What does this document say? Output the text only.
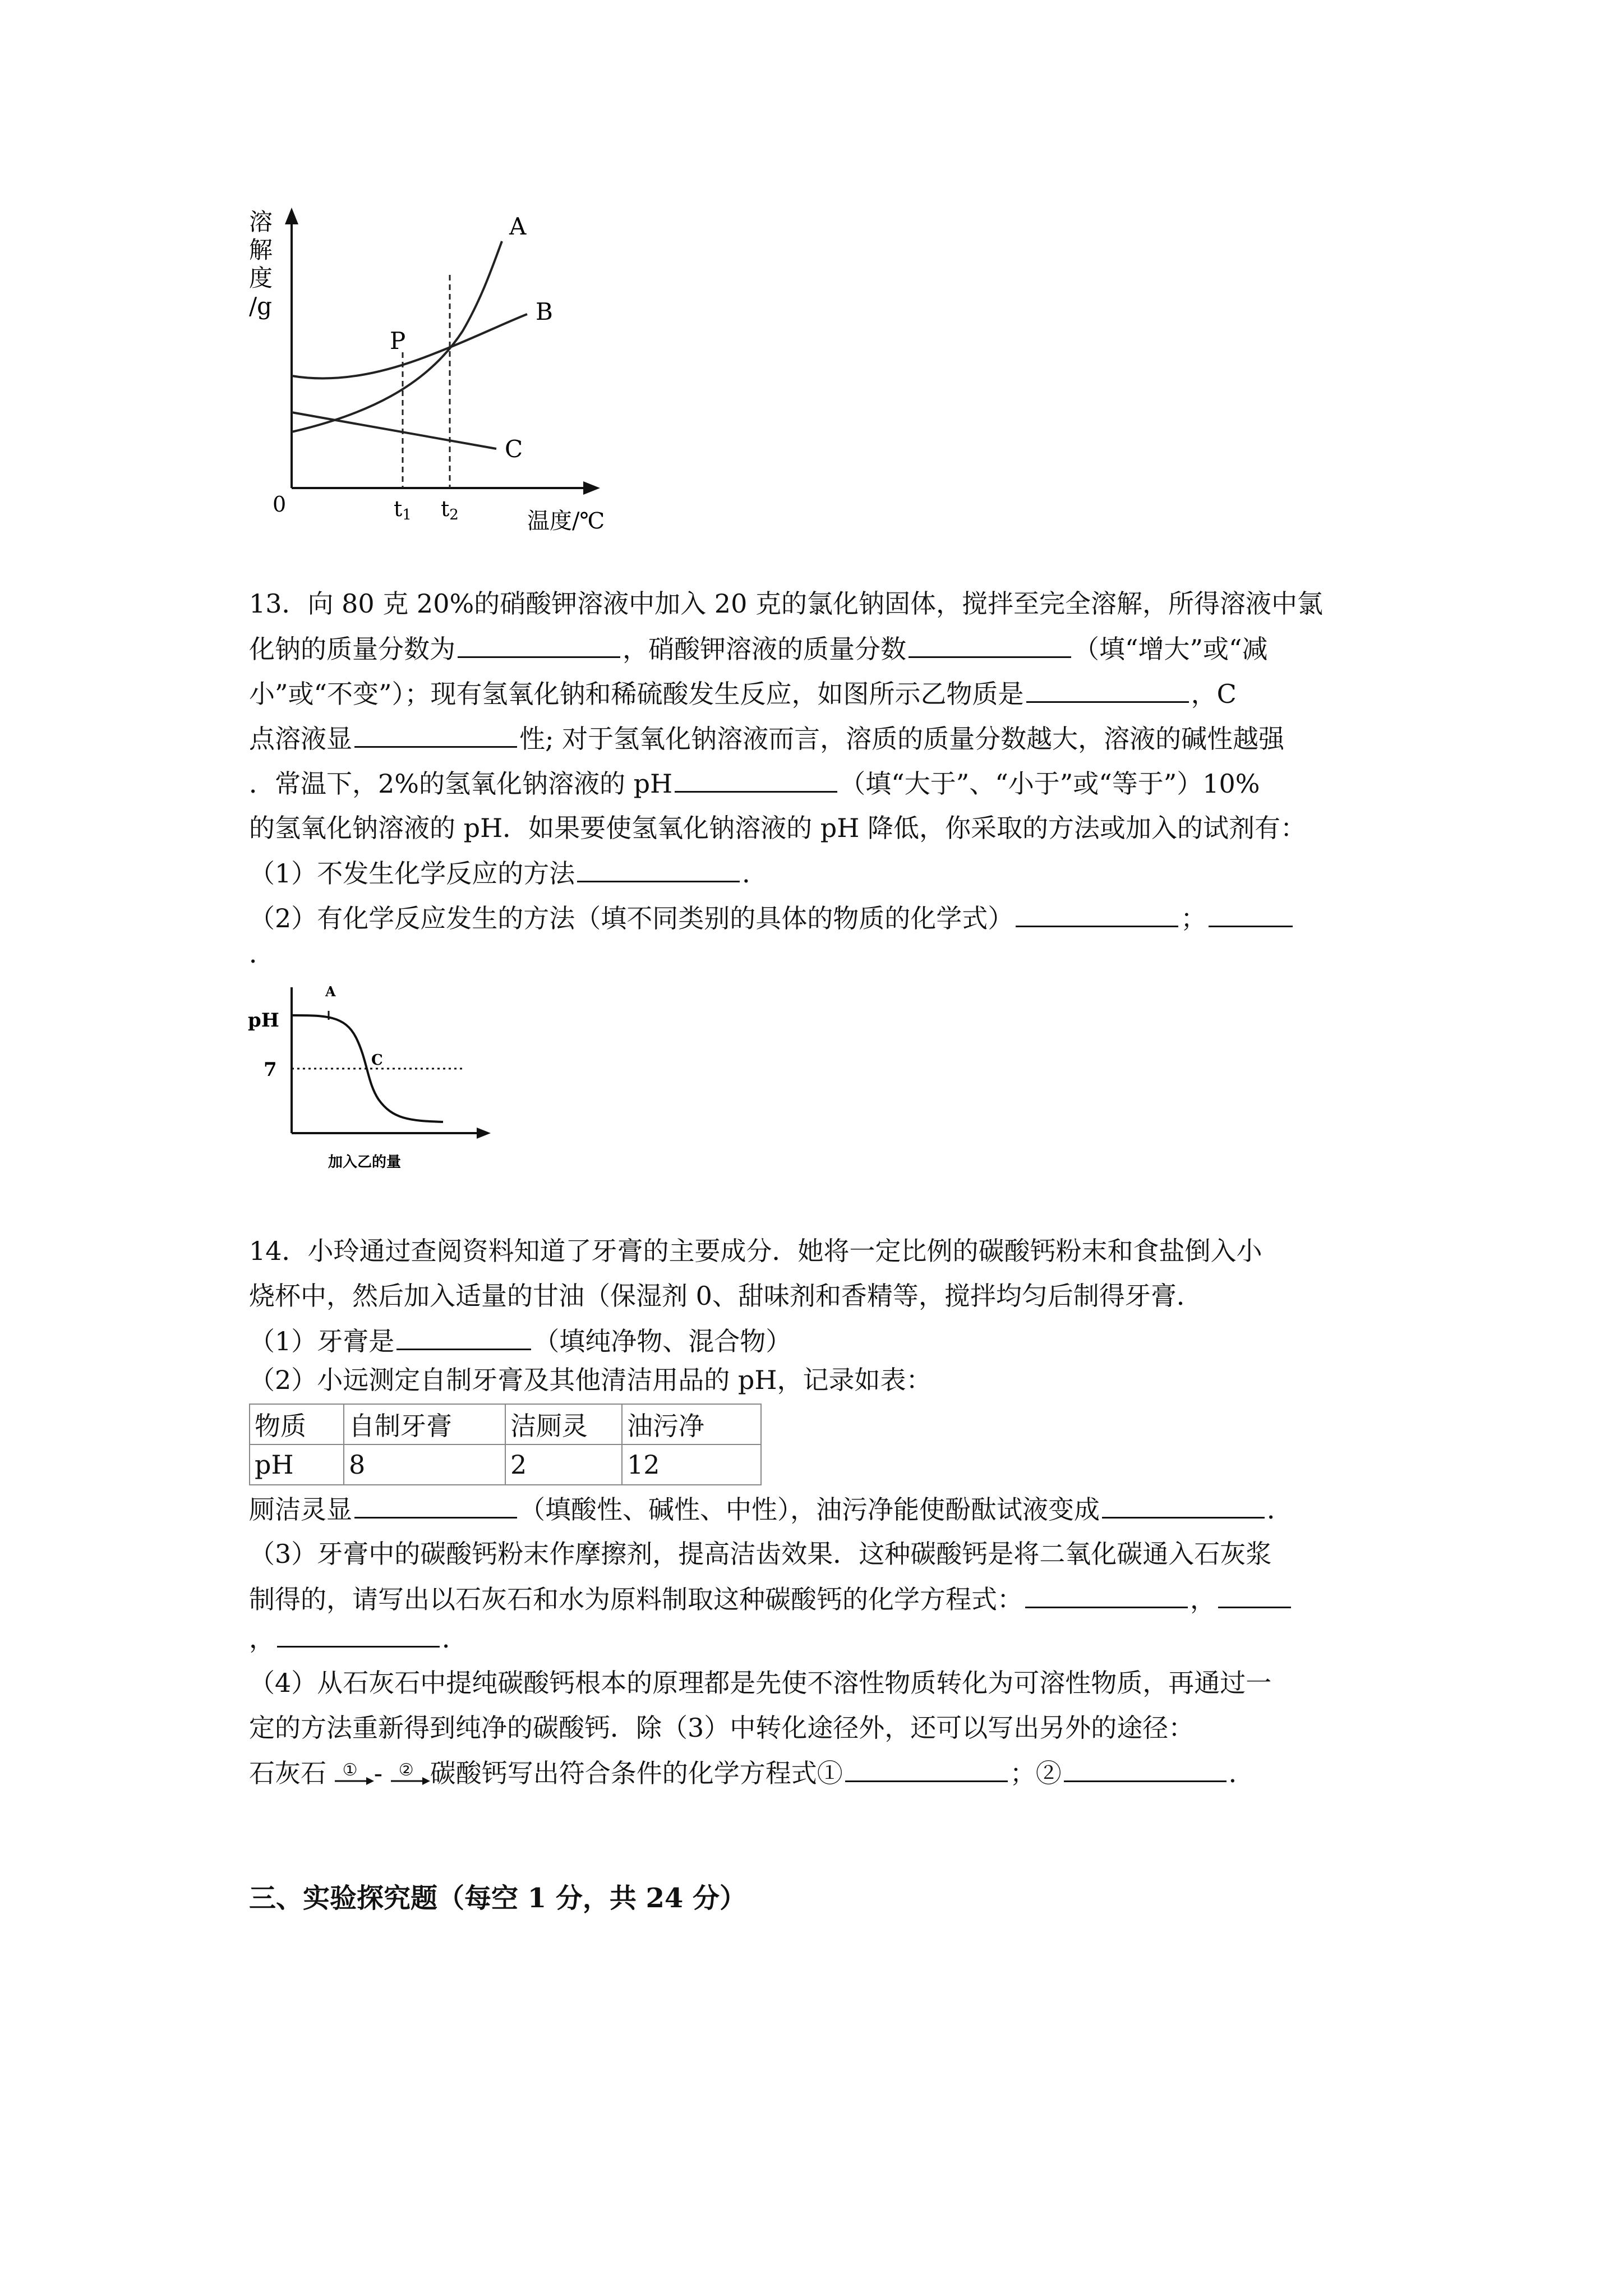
溶
解
度
/g
0
温度/℃
A
B
C
P
t1 t2
13．向 80 克 20%的硝酸钾溶液中加入 20 克的氯化钠固体，搅拌至完全溶解，所得溶液中氯
化钠的质量分数为	，硝酸钾溶液的质量分数	（填“增大”或“减
小”或“不变”）；现有氢氧化钠和稀硫酸发生反应，如图所示乙物质是	，C
点溶液显	性; 对于氢氧化钠溶液而言，溶质的质量分数越大，溶液的碱性越强
．常温下，2%的氢氧化钠溶液的 pH	（填“大于”、“小于”或“等于”）10%
的氢氧化钠溶液的 pH．如果要使氢氧化钠溶液的 pH 降低，你采取的方法或加入的试剂有：
（1）不发生化学反应的方法	．
（2）有化学反应发生的方法（填不同类别的具体的物质的化学式）	；
．
pH
7
A
C
加入乙的量
14．小玲通过查阅资料知道了牙膏的主要成分．她将一定比例的碳酸钙粉末和食盐倒入小
烧杯中，然后加入适量的甘油（保湿剂 0、甜味剂和香精等，搅拌均匀后制得牙膏．
（1）牙膏是	（填纯净物、混合物）
（2）小远测定自制牙膏及其他清洁用品的 pH，记录如表：
物质	自制牙膏	洁厕灵	油污净
pH	8	2	12
厕洁灵显	（填酸性、碱性、中性），油污净能使酚酞试液变成	．
（3）牙膏中的碳酸钙粉末作摩擦剂，提高洁齿效果．这种碳酸钙是将二氧化碳通入石灰浆
制得的，请写出以石灰石和水为原料制取这种碳酸钙的化学方程式：	，
，	．
（4）从石灰石中提纯碳酸钙根本的原理都是先使不溶性物质转化为可溶性物质，再通过一
定的方法重新得到纯净的碳酸钙．除（3）中转化途径外，还可以写出另外的途径：
石灰石 ① - ② 碳酸钙写出符合条件的化学方程式①	；②	．
三、实验探究题（每空 1 分，共 24 分）
